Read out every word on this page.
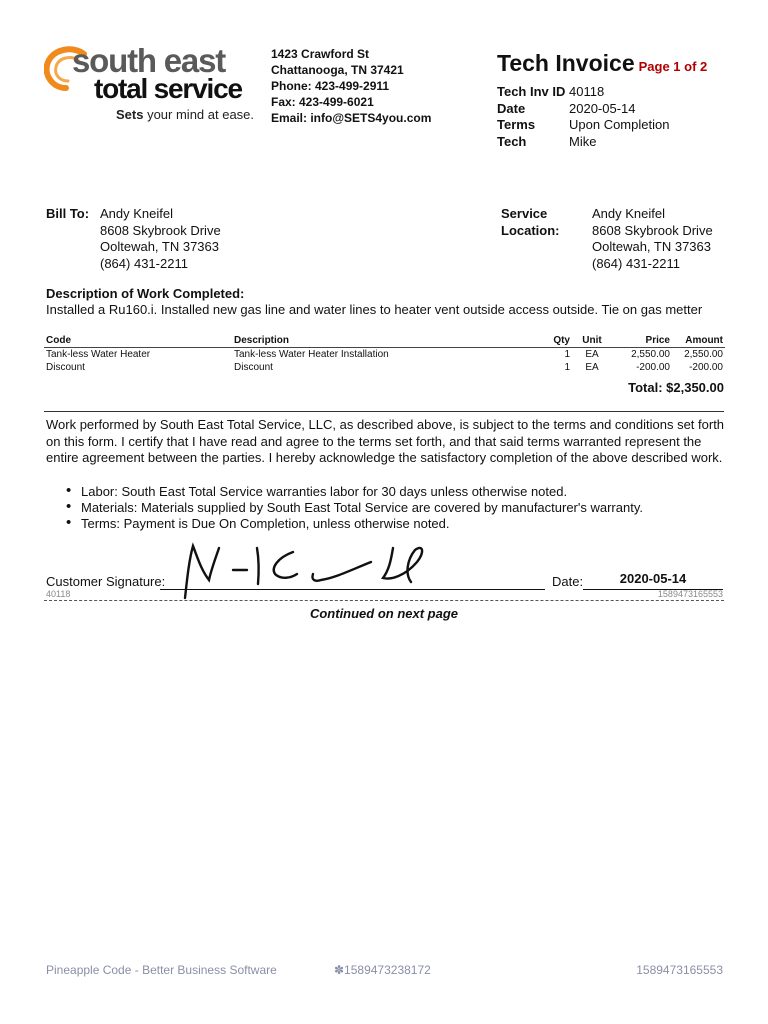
south east
total service
Sets your mind at ease.
1423 Crawford St
Chattanooga, TN 37421
Phone: 423-499-2911
Fax: 423-499-6021
Email: info@SETS4you.com
Tech Invoice Page 1 of 2
Tech Inv ID 40118
Date	2020-05-14
Terms	Upon Completion
Tech	Mike
Bill To: Andy Kneifel
8608 Skybrook Drive
Ooltewah, TN 37363
(864) 431-2211
Service
Location:
Andy Kneifel
8608 Skybrook Drive
Ooltewah, TN 37363
(864) 431-2211
Description of Work Completed:
Installed a Ru160.i. Installed new gas line and water lines to heater vent outside access outside. Tie on gas metter
Code	Description	Qty	Unit	Price	Amount
Tank-less Water Heater	Tank-less Water Heater Installation	1	EA	2,550.00	2,550.00
Discount	Discount	1	EA	-200.00	-200.00
Total: $2,350.00
Work performed by South East Total Service, LLC, as described above, is subject to the terms and conditions set forth on this form. I certify that I have read and agree to the terms set forth, and that said terms warranted represent the entire agreement between the parties. I hereby acknowledge the satisfactory completion of the above described work.
• Labor: South East Total Service warranties labor for 30 days unless otherwise noted.
• Materials: Materials supplied by South East Total Service are covered by manufacturer's warranty.
• Terms: Payment is Due On Completion, unless otherwise noted.
Customer Signature:	Date:	2020-05-14
40118	1589473165553
Continued on next page
Pineapple Code - Better Business Software	✽1589473238172	1589473165553
